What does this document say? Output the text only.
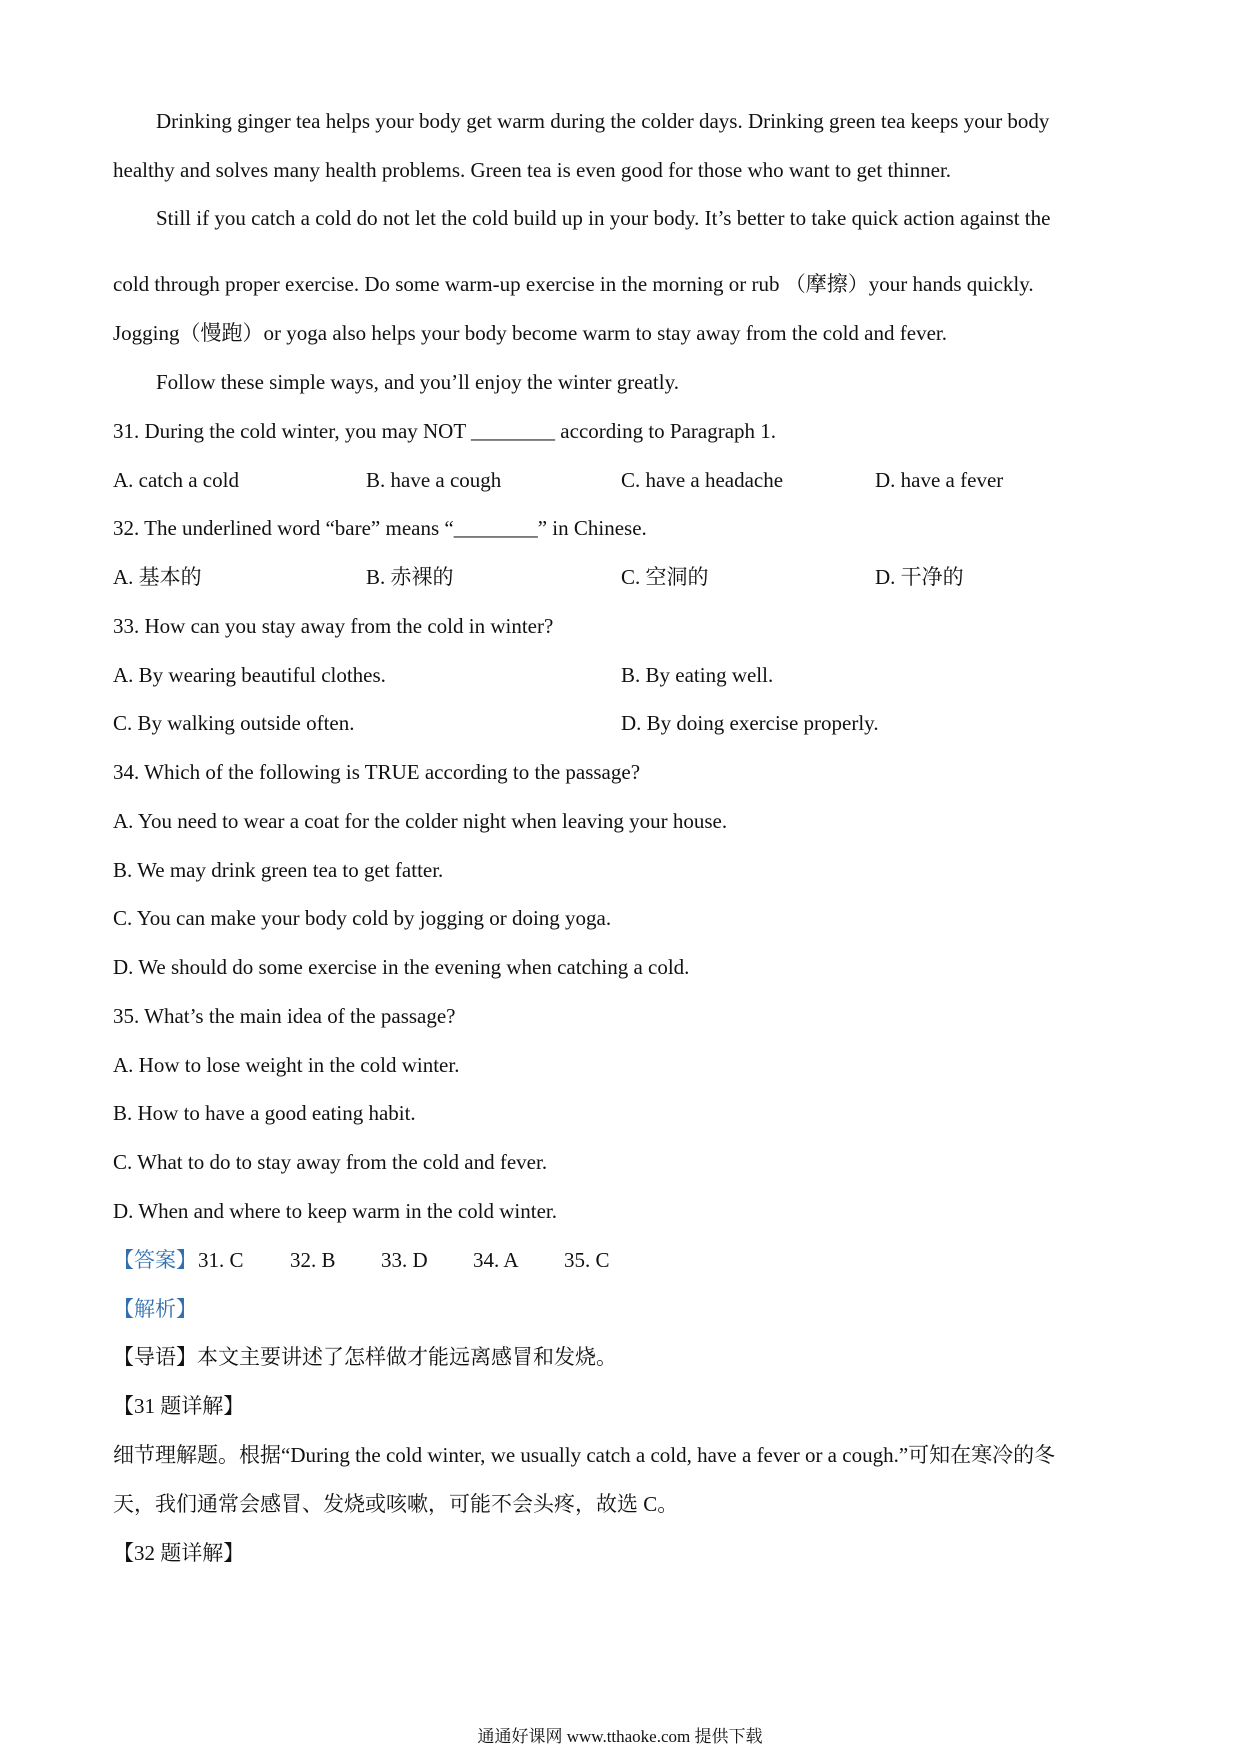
Drinking ginger tea helps your body get warm during the colder days. Drinking green tea keeps your body
healthy and solves many health problems. Green tea is even good for those who want to get thinner.
Still if you catch a cold do not let the cold build up in your body. It’s better to take quick action against the
cold through proper exercise. Do some warm-up exercise in the morning or rub （摩擦）your hands quickly.
Jogging（慢跑）or yoga also helps your body become warm to stay away from the cold and fever.
Follow these simple ways, and you’ll enjoy the winter greatly.
31. During the cold winter, you may NOT ________ according to Paragraph 1.
A. catch a cold	B. have a cough	C. have a headache	D. have a fever
32. The underlined word “bare” means “________” in Chinese.
A. 基本的	B. 赤裸的	C. 空洞的	D. 干净的
33. How can you stay away from the cold in winter?
A. By wearing beautiful clothes.	B. By eating well.
C. By walking outside often.	D. By doing exercise properly.
34. Which of the following is TRUE according to the passage?
A. You need to wear a coat for the colder night when leaving your house.
B. We may drink green tea to get fatter.
C. You can make your body cold by jogging or doing yoga.
D. We should do some exercise in the evening when catching a cold.
35. What’s the main idea of the passage?
A. How to lose weight in the cold winter.
B. How to have a good eating habit.
C. What to do to stay away from the cold and fever.
D. When and where to keep warm in the cold winter.
【答案】 31. C 32. B 33. D 34. A 35. C
【解析】
【导语】本文主要讲述了怎样做才能远离感冒和发烧。
【31 题详解】
细节理解题。根据“During the cold winter, we usually catch a cold, have a fever or a cough.”可知在寒冷的冬
天，我们通常会感冒、发烧或咳嗽，可能不会头疼，故选 C。
【32 题详解】
通通好课网 www.tthaoke.com 提供下载
